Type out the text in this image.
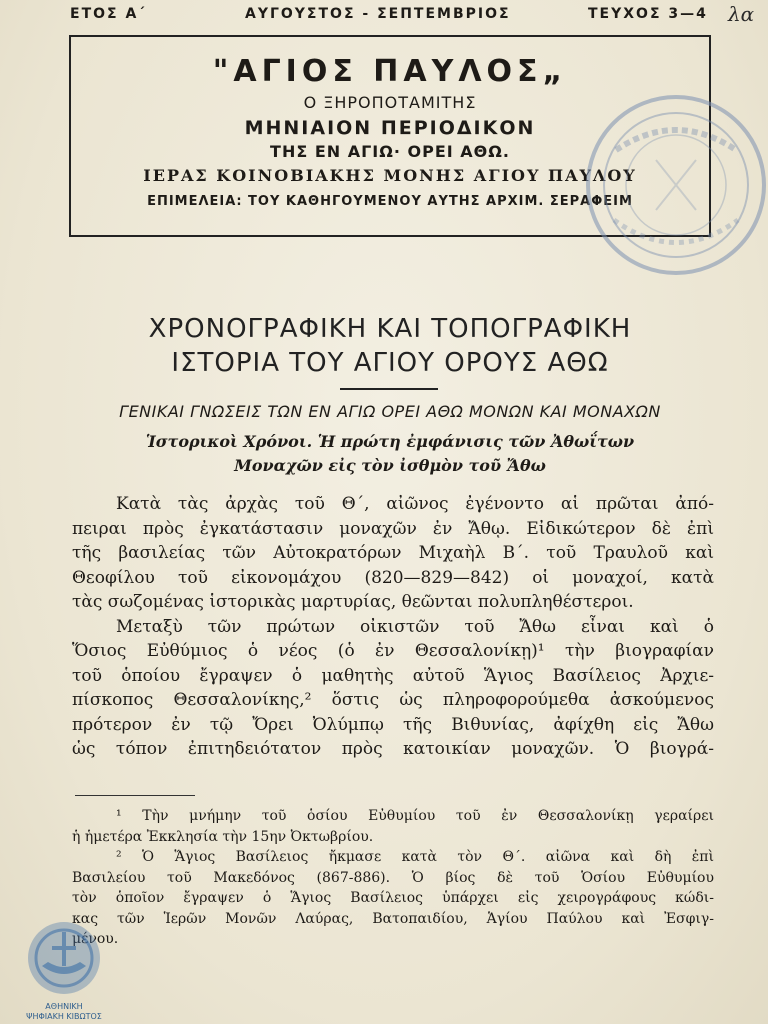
ΕΤΟΣ Α΄	ΑΥΓΟΥΣΤΟΣ - ΣΕΠΤΕΜΒΡΙΟΣ	ΤΕΥΧΟΣ 3—4 λα
"ΑΓΙΟΣ ΠΑΥΛΟΣ„
Ο ΞΗΡΟΠΟΤΑΜΙΤΗΣ
ΜΗΝΙΑΙΟΝ ΠΕΡΙΟΔΙΚΟΝ
ΤΗΣ ΕΝ ΑΓΙΩ· ΟΡΕΙ ΑΘΩ.
ΙΕΡΑΣ ΚΟΙΝΟΒΙΑΚΗΣ ΜΟΝΗΣ ΑΓΙΟΥ ΠΑΥΛΟΥ
ΕΠΙΜΕΛΕΙΑ: ΤΟΥ ΚΑΘΗΓΟΥΜΕΝΟΥ ΑΥΤΗΣ ΑΡΧΙΜ. ΣΕΡΑΦΕΙΜ
ΧΡΟΝΟΓΡΑΦΙΚΗ ΚΑΙ ΤΟΠΟΓΡΑΦΙΚΗ
ΙΣΤΟΡΙΑ ΤΟΥ ΑΓΙΟΥ ΟΡΟΥΣ ΑΘΩ
ΓΕΝΙΚΑΙ ΓΝΩΣΕΙΣ ΤΩΝ ΕΝ ΑΓΙΩ ΟΡΕΙ ΑΘΩ ΜΟΝΩΝ ΚΑΙ ΜΟΝΑΧΩΝ
Ἱστορικοὶ Χρόνοι. Ἡ πρώτη ἐμφάνισις τῶν Ἀθωΐτων
Μοναχῶν εἰς τὸν ἰσθμὸν τοῦ Ἄθω

Κατὰ τὰς ἀρχὰς τοῦ Θ΄, αἰῶνος ἐγένοντο αἱ πρῶται ἀπό-
πειραι πρὸς ἐγκατάστασιν μοναχῶν ἐν Ἄθῳ. Εἰδικώτερον δὲ ἐπὶ
τῆς βασιλείας τῶν Αὐτοκρατόρων Μιχαὴλ Β΄. τοῦ Τραυλοῦ καὶ
Θεοφίλου τοῦ εἰκονομάχου (820—829—842) οἱ μοναχοί, κατὰ
τὰς σωζομένας ἱστορικὰς μαρτυρίας, θεῶνται πολυπληθέστεροι.

Μεταξὺ τῶν πρώτων οἰκιστῶν τοῦ Ἄθω εἶναι καὶ ὁ
Ὅσιος Εὐθύμιος ὁ νέος (ὁ ἐν Θεσσαλονίκῃ)¹ τὴν βιογραφίαν
τοῦ ὁποίου ἔγραψεν ὁ μαθητὴς αὐτοῦ Ἅγιος Βασίλειος Ἀρχιε-
πίσκοπος Θεσσαλονίκης,² ὅστις ὡς πληροφορούμεθα ἀσκούμενος
πρότερον ἐν τῷ Ὄρει Ὀλύμπῳ τῆς Βιθυνίας, ἀφίχθη εἰς Ἄθω
ὡς τόπον ἐπιτηδειότατον πρὸς κατοικίαν μοναχῶν. Ὁ βιογρά-

¹ Τὴν μνήμην τοῦ ὁσίου Εὐθυμίου τοῦ ἐν Θεσσαλονίκῃ γεραίρει
ἡ ἡμετέρα Ἐκκλησία τὴν 15ην Ὀκτωβρίου.
² Ὁ Ἅγιος Βασίλειος ἤκμασε κατὰ τὸν Θ΄. αἰῶνα καὶ δὴ ἐπὶ
Βασιλείου τοῦ Μακεδόνος (867-886). Ὁ βίος δὲ τοῦ Ὁσίου Εὐθυμίου
τὸν ὁποῖον ἔγραψεν ὁ Ἅγιος Βασίλειος ὑπάρχει εἰς χειρογράφους κώδι-
κας τῶν Ἱερῶν Μονῶν Λαύρας, Βατοπαιδίου, Ἁγίου Παύλου καὶ Ἐσφιγ-
μένου.
ΑΘΗΝΙΚΗ
ΨΗΦΙΑΚΗ ΚΙΒΩΤΟΣ
